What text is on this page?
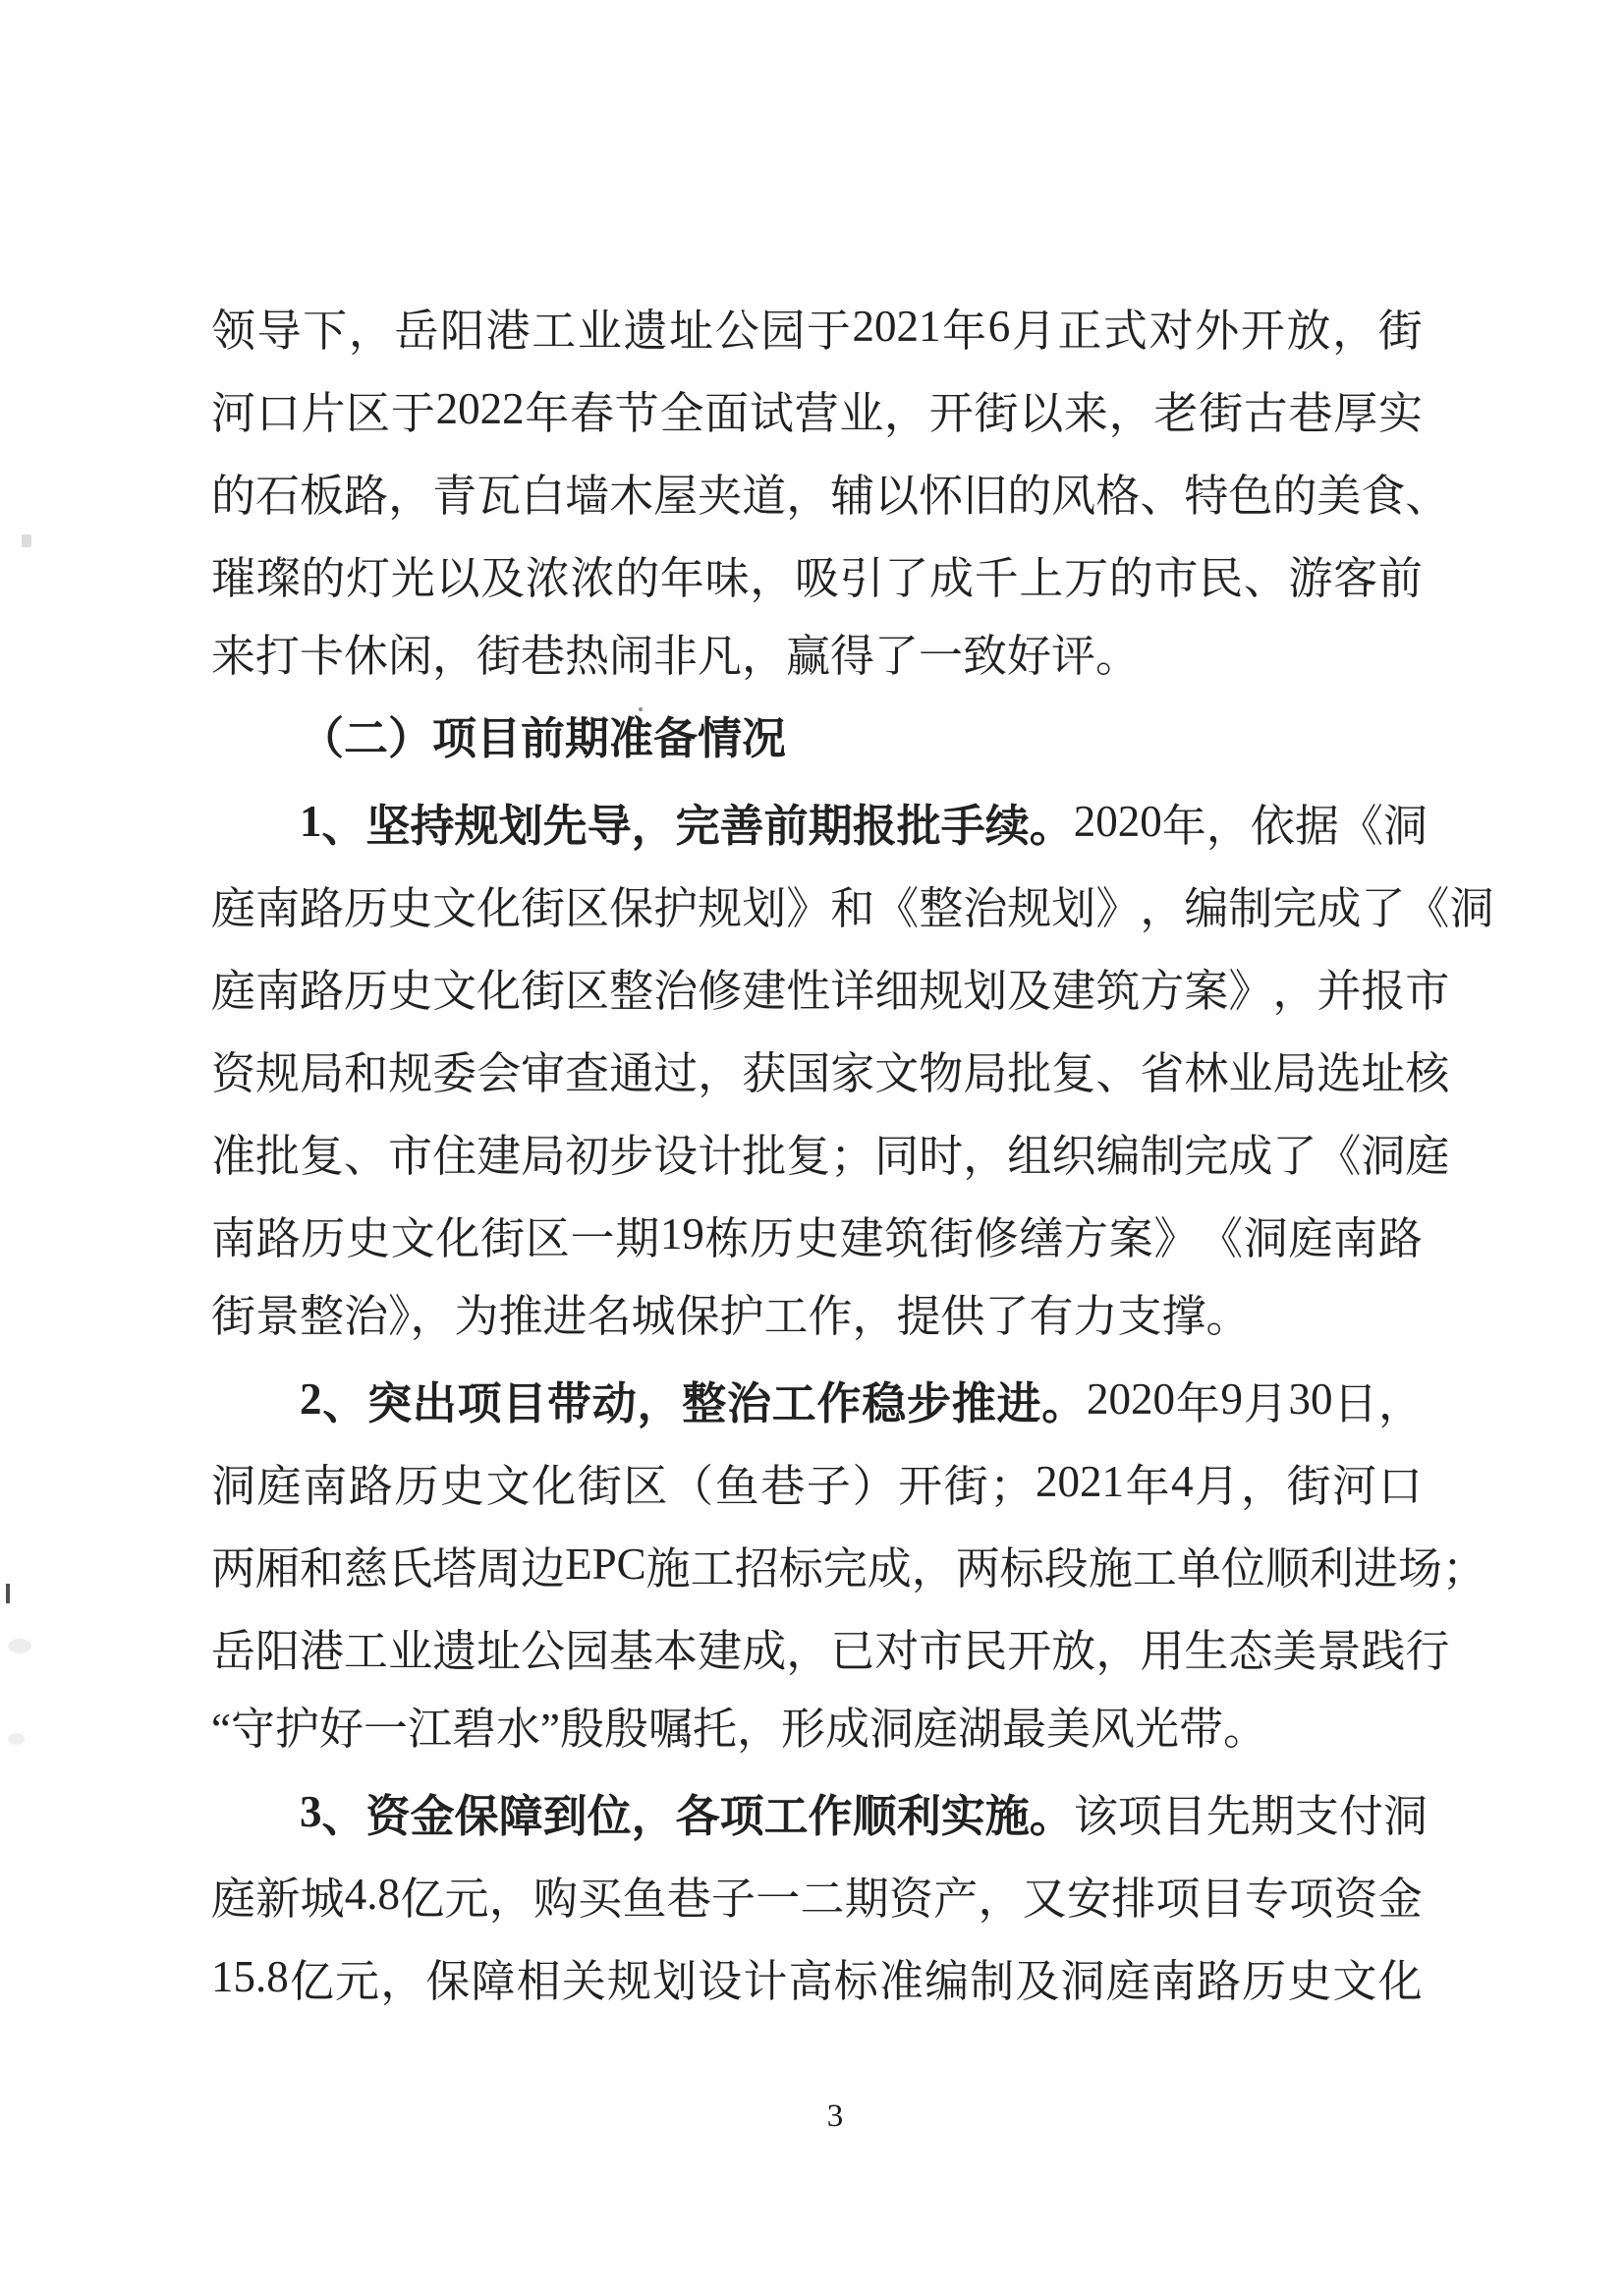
领 导 下 ， 岳 阳 港 工 业 遗 址 公 园 于 2021 年 6 月 正 式 对 外 开 放 ， 街
河 口 片 区 于 2022 年 春 节 全 面 试 营 业 ， 开 街 以 来 ， 老 街 古 巷 厚 实
的 石 板 路 ， 青 瓦 白 墙 木 屋 夹 道 ， 辅 以 怀 旧 的 风 格 、 特 色 的 美 食 、
璀 璨 的 灯 光 以 及 浓 浓 的 年 味 ， 吸 引 了 成 千 上 万 的 市 民 、 游 客 前
来打卡休闲，街巷热闹非凡，赢得了一致好评。
（二）项目前期准备情况
1 、 坚 持 规 划 先 导 ， 完 善 前 期 报 批 手 续 。 2020 年 ， 依 据 《 洞
庭 南 路 历 史 文 化 街 区 保 护 规 划 》 和 《 整 治 规 划 》 ， 编 制 完 成 了 《 洞
庭 南 路 历 史 文 化 街 区 整 治 修 建 性 详 细 规 划 及 建 筑 方 案 》 ， 并 报 市
资 规 局 和 规 委 会 审 查 通 过 ， 获 国 家 文 物 局 批 复 、 省 林 业 局 选 址 核
准 批 复 、 市 住 建 局 初 步 设 计 批 复 ； 同 时 ， 组 织 编 制 完 成 了 《 洞 庭
南 路 历 史 文 化 街 区 一 期 19 栋 历 史 建 筑 街 修 缮 方 案 》 《 洞 庭 南 路
街景整治》，为推进名城保护工作，提供了有力支撑。
2 、 突 出 项 目 带 动 ， 整 治 工 作 稳 步 推 进 。 2020 年 9 月 30 日 ，
洞 庭 南 路 历 史 文 化 街 区 （ 鱼 巷 子 ） 开 街 ； 2021 年 4 月 ， 街 河 口
两 厢 和 慈 氏 塔 周 边 EPC 施 工 招 标 完 成 ， 两 标 段 施 工 单 位 顺 利 进 场 ；
岳 阳 港 工 业 遗 址 公 园 基 本 建 成 ， 已 对 市 民 开 放 ， 用 生 态 美 景 践 行
“守护好一江碧水”殷殷嘱托，形成洞庭湖最美风光带。
3 、 资 金 保 障 到 位 ， 各 项 工 作 顺 利 实 施 。 该 项 目 先 期 支 付 洞
庭 新 城 4.8 亿 元 ， 购 买 鱼 巷 子 一 二 期 资 产 ， 又 安 排 项 目 专 项 资 金
15.8 亿 元 ， 保 障 相 关 规 划 设 计 高 标 准 编 制 及 洞 庭 南 路 历 史 文 化
3
